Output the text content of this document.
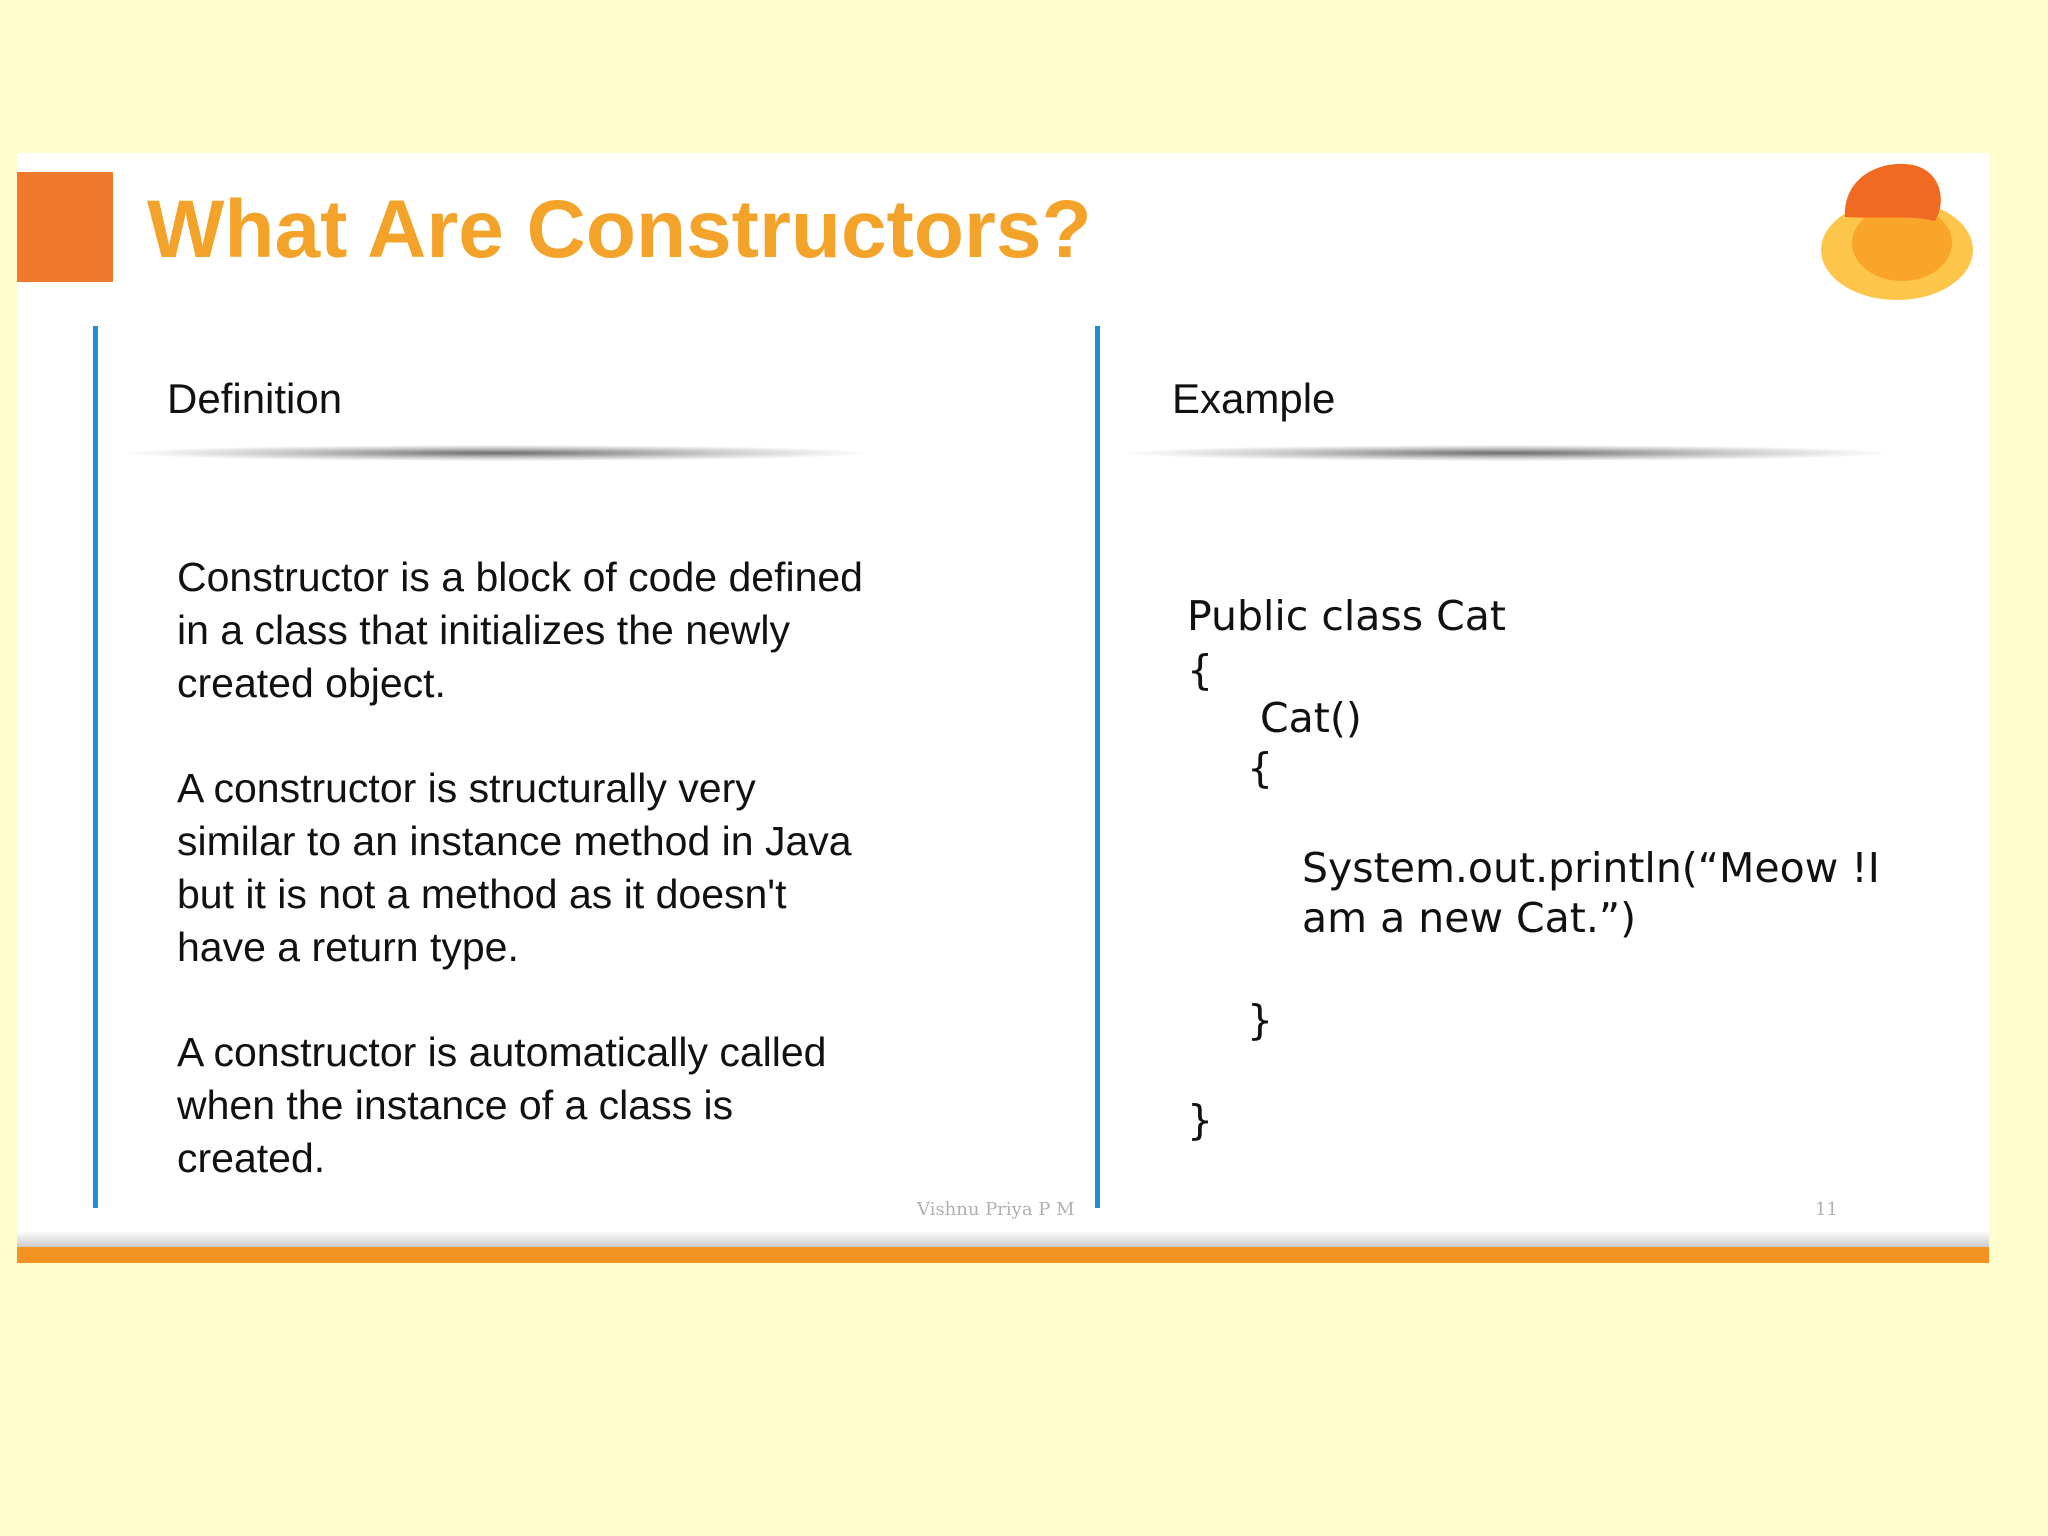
What Are Constructors?
Definition	Example

Constructor is a block of code defined
in a class that initializes the newly
created object.

A constructor is structurally very
similar to an instance method in Java
but it is not a method as it doesn't
have a return type.

A constructor is automatically called
when the instance of a class is
created.

Public class Cat
{
Cat()
{
System.out.println(“Meow !I
am a new Cat.”)
}
}
Vishnu Priya P M	11
